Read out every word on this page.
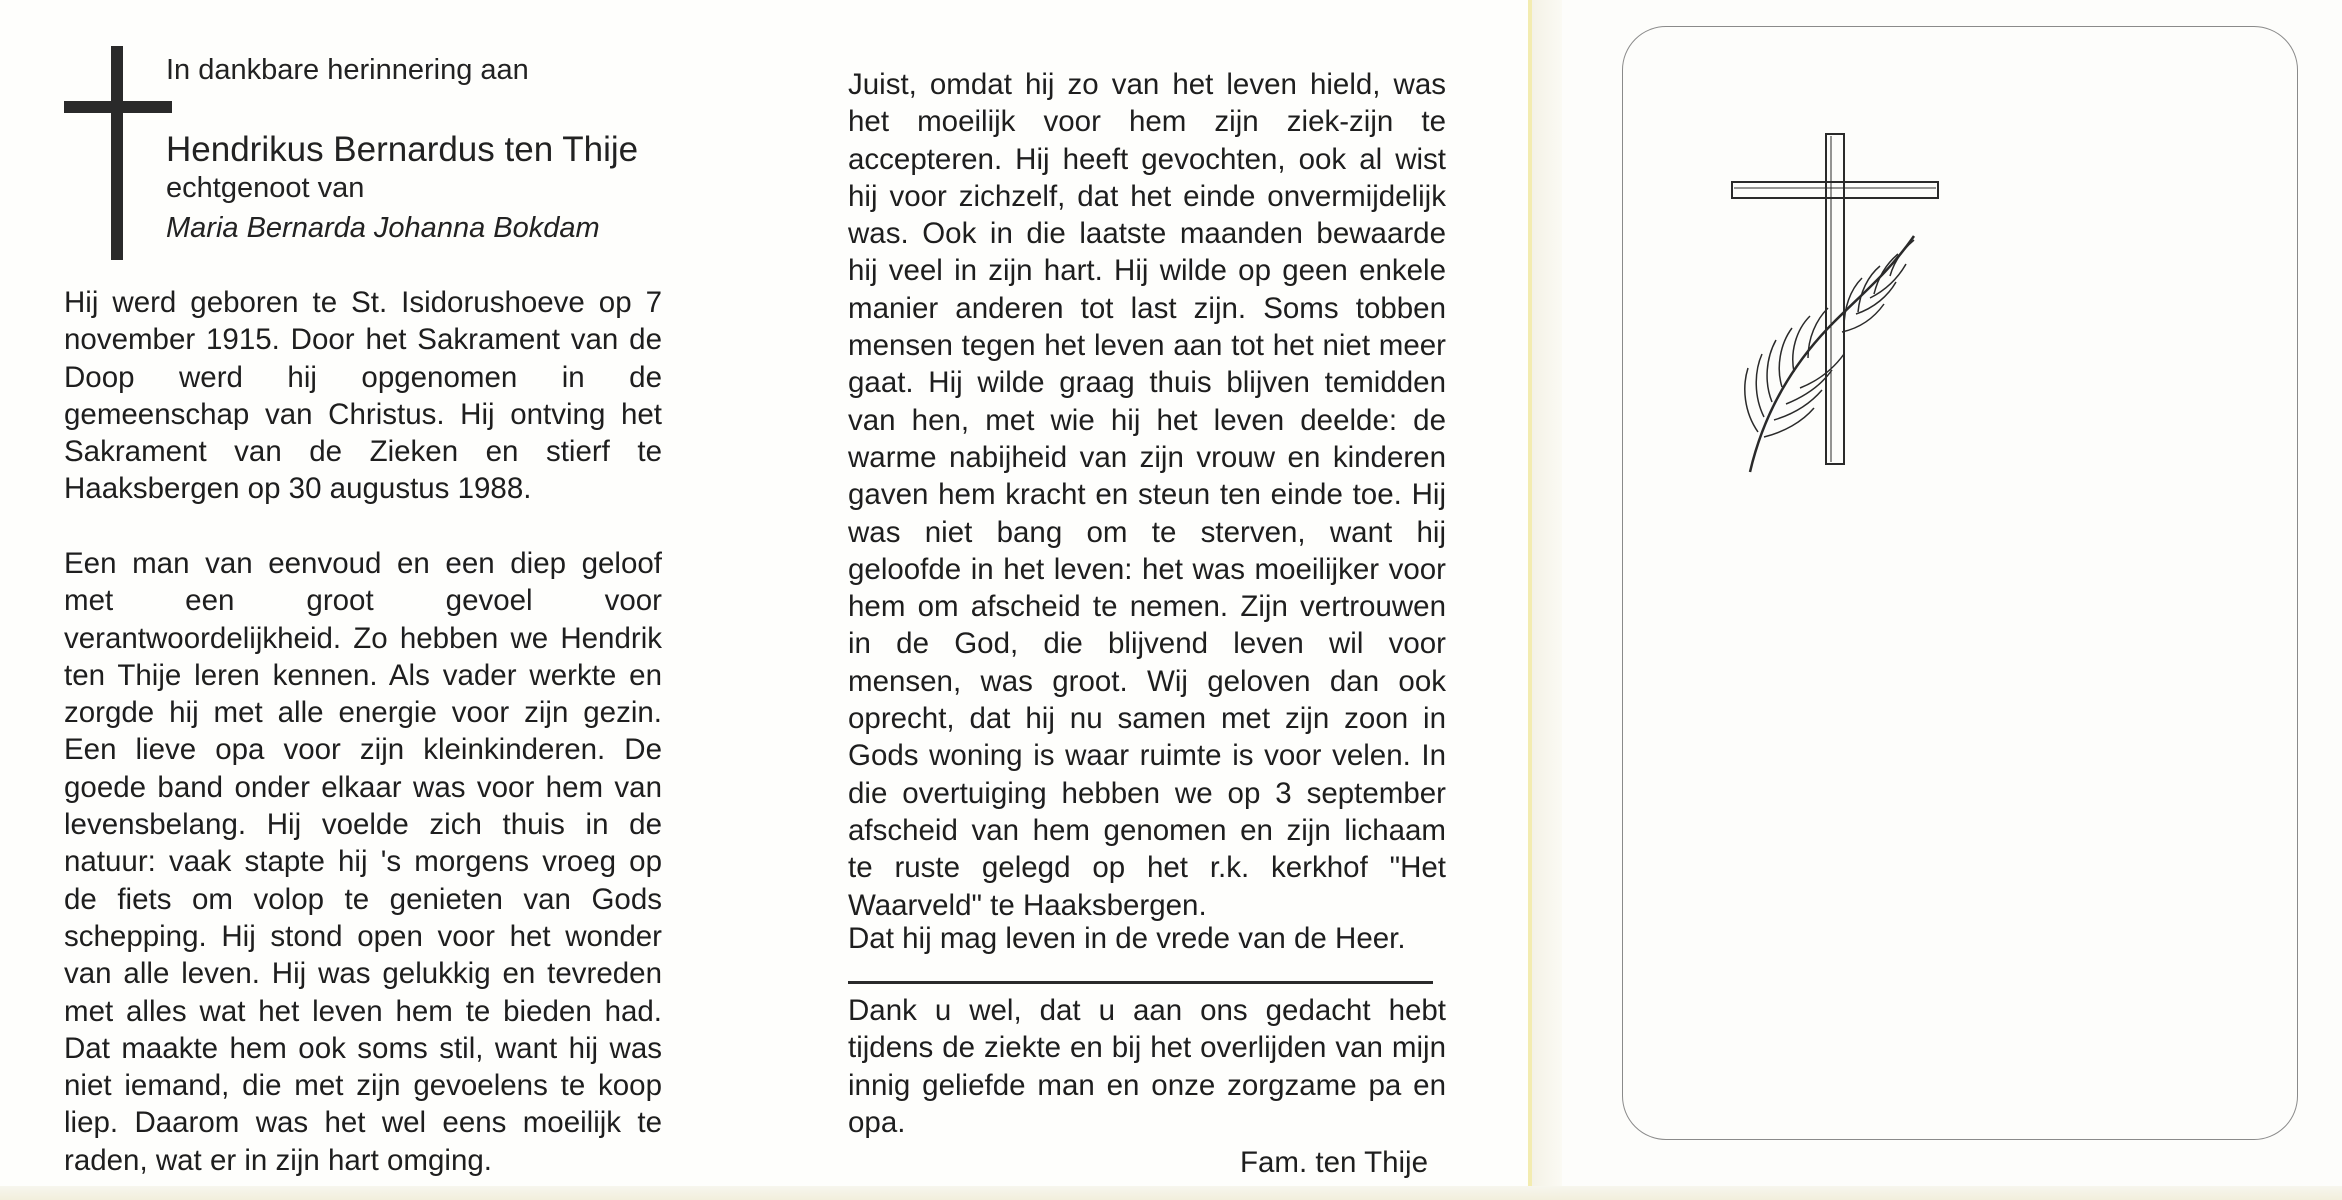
In dankbare herinnering aan
Hendrikus Bernardus ten Thije
echtgenoot van
Maria Bernarda Johanna Bokdam

Hij werd geboren te St. Isidorushoeve op 7 november 1915. Door het Sakrament van de Doop werd hij opgenomen in de gemeenschap van Christus. Hij ontving het Sakrament van de Zieken en stierf te Haaksbergen op 30 augustus 1988.

Een man van eenvoud en een diep geloof met een groot gevoel voor verantwoordelijkheid. Zo hebben we Hendrik ten Thije leren kennen. Als vader werkte en zorgde hij met alle energie voor zijn gezin. Een lieve opa voor zijn kleinkinderen. De goede band onder elkaar was voor hem van levensbelang. Hij voelde zich thuis in de natuur: vaak stapte hij 's morgens vroeg op de fiets om volop te genieten van Gods schepping. Hij stond open voor het wonder van alle leven. Hij was gelukkig en tevreden met alles wat het leven hem te bieden had. Dat maakte hem ook soms stil, want hij was niet iemand, die met zijn gevoelens te koop liep. Daarom was het wel eens moeilijk te raden, wat er in zijn hart omging.

Juist, omdat hij zo van het leven hield, was het moeilijk voor hem zijn ziek-zijn te accepteren. Hij heeft gevochten, ook al wist hij voor zichzelf, dat het einde onvermijdelijk was. Ook in die laatste maanden bewaarde hij veel in zijn hart. Hij wilde op geen enkele manier anderen tot last zijn. Soms tobben mensen tegen het leven aan tot het niet meer gaat. Hij wilde graag thuis blijven temidden van hen, met wie hij het leven deelde: de warme nabijheid van zijn vrouw en kinderen gaven hem kracht en steun ten einde toe. Hij was niet bang om te sterven, want hij geloofde in het leven: het was moeilijker voor hem om afscheid te nemen. Zijn vertrouwen in de God, die blijvend leven wil voor mensen, was groot. Wij geloven dan ook oprecht, dat hij nu samen met zijn zoon in Gods woning is waar ruimte is voor velen. In die overtuiging hebben we op 3 september afscheid van hem genomen en zijn lichaam te ruste gelegd op het r.k. kerkhof "Het Waarveld" te Haaksbergen.

Dat hij mag leven in de vrede van de Heer.

Dank u wel, dat u aan ons gedacht hebt tijdens de ziekte en bij het overlijden van mijn innig geliefde man en onze zorgzame pa en opa.

Fam. ten Thije
